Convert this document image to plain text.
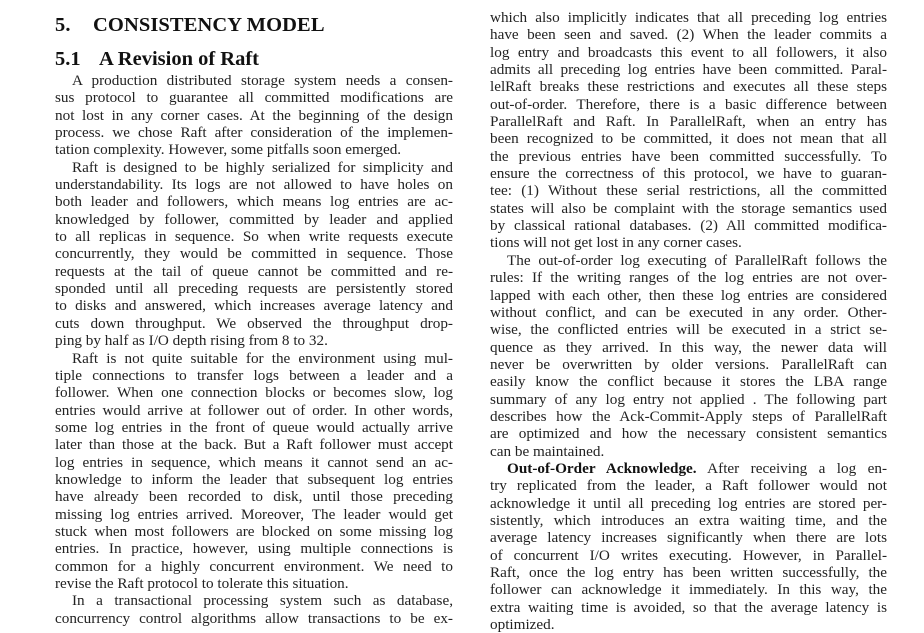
5. CONSISTENCY MODEL
5.1 A Revision of Raft
A production distributed storage system needs a consen-
sus protocol to guarantee all committed modifications are
not lost in any corner cases. At the beginning of the design
process. we chose Raft after consideration of the implemen-
tation complexity. However, some pitfalls soon emerged.
Raft is designed to be highly serialized for simplicity and
understandability. Its logs are not allowed to have holes on
both leader and followers, which means log entries are ac-
knowledged by follower, committed by leader and applied
to all replicas in sequence. So when write requests execute
concurrently, they would be committed in sequence. Those
requests at the tail of queue cannot be committed and re-
sponded until all preceding requests are persistently stored
to disks and answered, which increases average latency and
cuts down throughput. We observed the throughput drop-
ping by half as I/O depth rising from 8 to 32.
Raft is not quite suitable for the environment using mul-
tiple connections to transfer logs between a leader and a
follower. When one connection blocks or becomes slow, log
entries would arrive at follower out of order. In other words,
some log entries in the front of queue would actually arrive
later than those at the back. But a Raft follower must accept
log entries in sequence, which means it cannot send an ac-
knowledge to inform the leader that subsequent log entries
have already been recorded to disk, until those preceding
missing log entries arrived. Moreover, The leader would get
stuck when most followers are blocked on some missing log
entries. In practice, however, using multiple connections is
common for a highly concurrent environment. We need to
revise the Raft protocol to tolerate this situation.
In a transactional processing system such as database,
concurrency control algorithms allow transactions to be ex-
which also implicitly indicates that all preceding log entries
have been seen and saved. (2) When the leader commits a
log entry and broadcasts this event to all followers, it also
admits all preceding log entries have been committed. Paral-
lelRaft breaks these restrictions and executes all these steps
out-of-order. Therefore, there is a basic difference between
ParallelRaft and Raft. In ParallelRaft, when an entry has
been recognized to be committed, it does not mean that all
the previous entries have been committed successfully. To
ensure the correctness of this protocol, we have to guaran-
tee: (1) Without these serial restrictions, all the committed
states will also be complaint with the storage semantics used
by classical rational databases. (2) All committed modifica-
tions will not get lost in any corner cases.
The out-of-order log executing of ParallelRaft follows the
rules: If the writing ranges of the log entries are not over-
lapped with each other, then these log entries are considered
without conflict, and can be executed in any order. Other-
wise, the conflicted entries will be executed in a strict se-
quence as they arrived. In this way, the newer data will
never be overwritten by older versions. ParallelRaft can
easily know the conflict because it stores the LBA range
summary of any log entry not applied . The following part
describes how the Ack-Commit-Apply steps of ParallelRaft
are optimized and how the necessary consistent semantics
can be maintained.
Out-of-Order Acknowledge. After receiving a log en-
try replicated from the leader, a Raft follower would not
acknowledge it until all preceding log entries are stored per-
sistently, which introduces an extra waiting time, and the
average latency increases significantly when there are lots
of concurrent I/O writes executing. However, in Parallel-
Raft, once the log entry has been written successfully, the
follower can acknowledge it immediately. In this way, the
extra waiting time is avoided, so that the average latency is
optimized.
